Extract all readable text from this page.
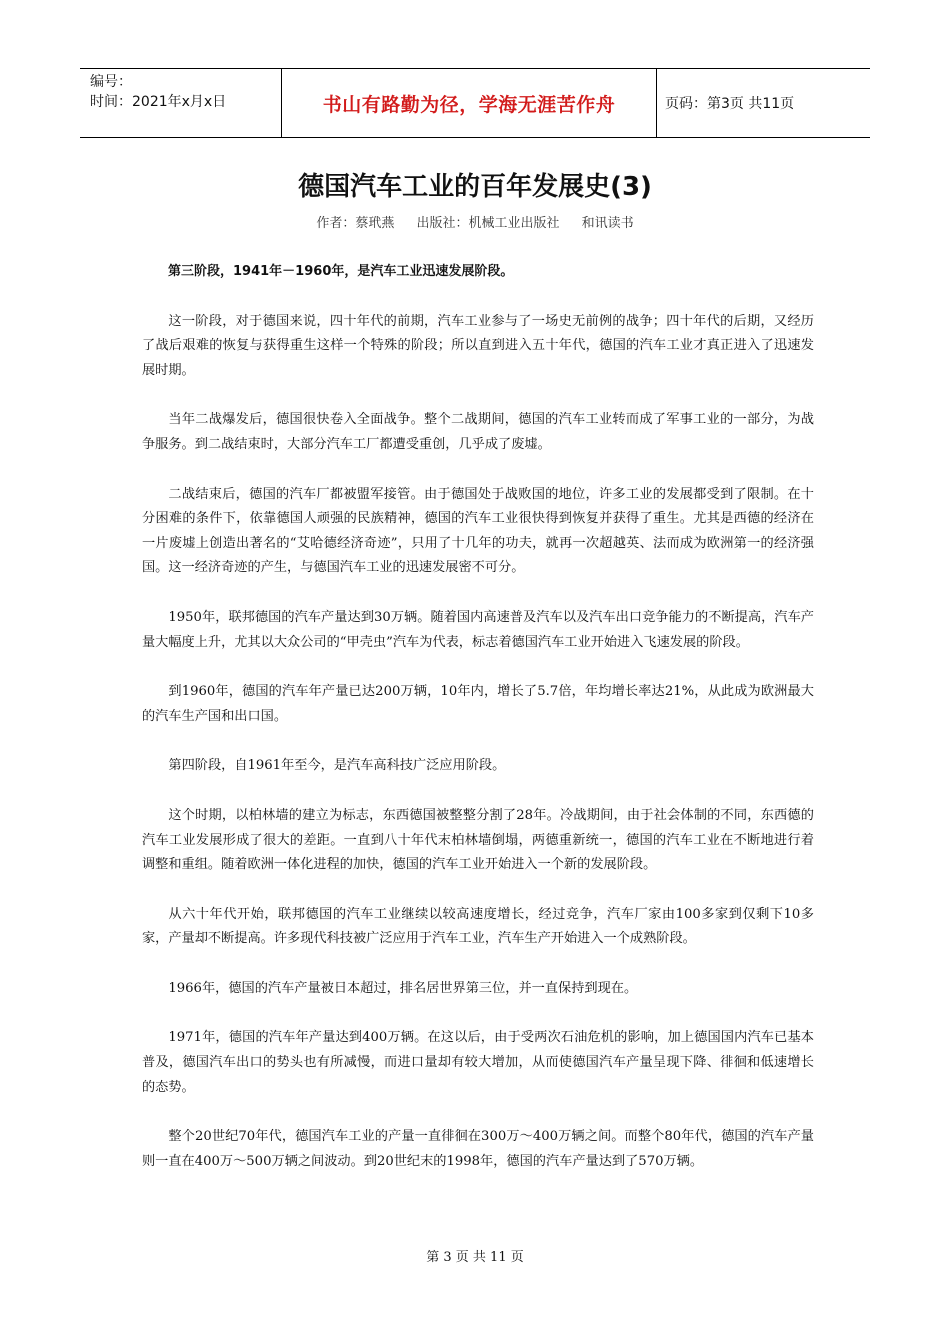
编号：
时间：2021年x月x日	书山有路勤为径，学海无涯苦作舟	页码：第3页 共11页
德国汽车工业的百年发展史(3)
作者：蔡玳燕 出版社：机械工业出版社 和讯读书

第三阶段，1941年－1960年，是汽车工业迅速发展阶段。

这一阶段，对于德国来说，四十年代的前期，汽车工业参与了一场史无前例的战争；四十年代的后期，又经历了战后艰难的恢复与获得重生这样一个特殊的阶段；所以直到进入五十年代，德国的汽车工业才真正进入了迅速发展时期。

当年二战爆发后，德国很快卷入全面战争。整个二战期间，德国的汽车工业转而成了军事工业的一部分，为战争服务。到二战结束时，大部分汽车工厂都遭受重创，几乎成了废墟。

二战结束后，德国的汽车厂都被盟军接管。由于德国处于战败国的地位，许多工业的发展都受到了限制。在十分困难的条件下，依靠德国人顽强的民族精神，德国的汽车工业很快得到恢复并获得了重生。尤其是西德的经济在一片废墟上创造出著名的“艾哈德经济奇迹”，只用了十几年的功夫，就再一次超越英、法而成为欧洲第一的经济强国。这一经济奇迹的产生，与德国汽车工业的迅速发展密不可分。

1950年，联邦德国的汽车产量达到30万辆。随着国内高速普及汽车以及汽车出口竞争能力的不断提高，汽车产量大幅度上升，尤其以大众公司的“甲壳虫”汽车为代表，标志着德国汽车工业开始进入飞速发展的阶段。

到1960年，德国的汽车年产量已达200万辆，10年内，增长了5.7倍，年均增长率达21%，从此成为欧洲最大的汽车生产国和出口国。

第四阶段，自1961年至今，是汽车高科技广泛应用阶段。

这个时期，以柏林墙的建立为标志，东西德国被整整分割了28年。冷战期间，由于社会体制的不同，东西德的汽车工业发展形成了很大的差距。一直到八十年代末柏林墙倒塌，两德重新统一，德国的汽车工业在不断地进行着调整和重组。随着欧洲一体化进程的加快，德国的汽车工业开始进入一个新的发展阶段。

从六十年代开始，联邦德国的汽车工业继续以较高速度增长，经过竞争，汽车厂家由100多家到仅剩下10多家，产量却不断提高。许多现代科技被广泛应用于汽车工业，汽车生产开始进入一个成熟阶段。

1966年，德国的汽车产量被日本超过，排名居世界第三位，并一直保持到现在。

1971年，德国的汽车年产量达到400万辆。在这以后，由于受两次石油危机的影响，加上德国国内汽车已基本普及，德国汽车出口的势头也有所减慢，而进口量却有较大增加，从而使德国汽车产量呈现下降、徘徊和低速增长的态势。

整个20世纪70年代，德国汽车工业的产量一直徘徊在300万～400万辆之间。而整个80年代，德国的汽车产量则一直在400万～500万辆之间波动。到20世纪末的1998年，德国的汽车产量达到了570万辆。

第 3 页 共 11 页
